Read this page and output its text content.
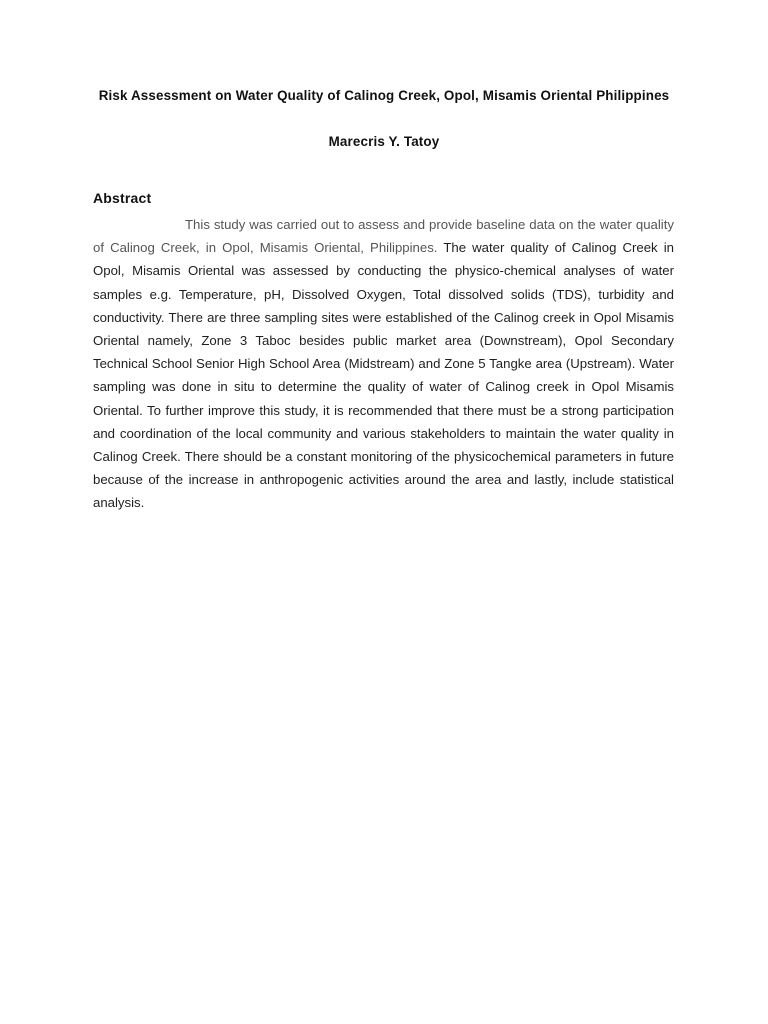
Risk Assessment on Water Quality of Calinog Creek, Opol, Misamis Oriental Philippines
Marecris Y. Tatoy
Abstract

This study was carried out to assess and provide baseline data on the water quality of Calinog Creek, in Opol, Misamis Oriental, Philippines. The water quality of Calinog Creek in Opol, Misamis Oriental was assessed by conducting the physico-chemical analyses of water samples e.g. Temperature, pH, Dissolved Oxygen, Total dissolved solids (TDS), turbidity and conductivity. There are three sampling sites were established of the Calinog creek in Opol Misamis Oriental namely, Zone 3 Taboc besides public market area (Downstream), Opol Secondary Technical School Senior High School Area (Midstream) and Zone 5 Tangke area (Upstream). Water sampling was done in situ to determine the quality of water of Calinog creek in Opol Misamis Oriental. To further improve this study, it is recommended that there must be a strong participation and coordination of the local community and various stakeholders to maintain the water quality in Calinog Creek. There should be a constant monitoring of the physicochemical parameters in future because of the increase in anthropogenic activities around the area and lastly, include statistical analysis.
